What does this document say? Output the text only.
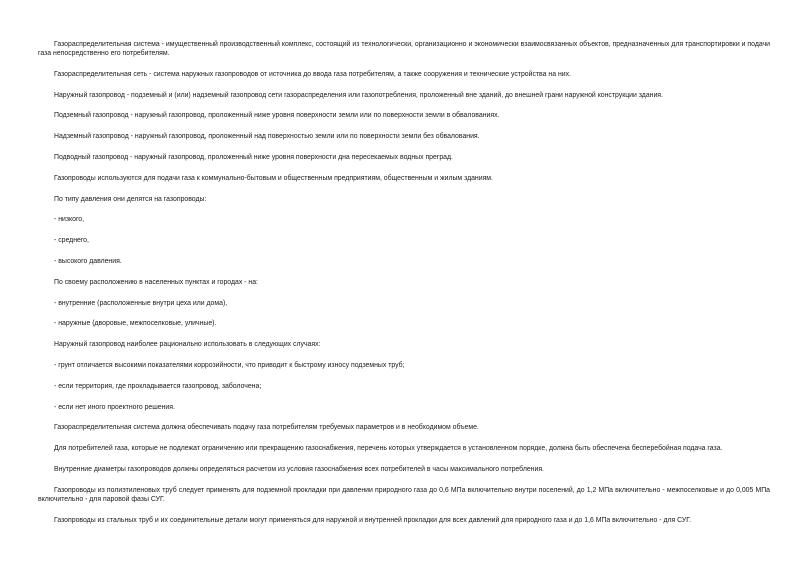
Газораспределительная система - имущественный производственный комплекс, состоящий из технологически, организационно и экономически взаимосвязанных объектов, предназначенных для транспортировки и подачи газа непосредственно его потребителям.

Газораспределительная сеть - система наружных газопроводов от источника до ввода газа потребителям, а также сооружения и технические устройства на них.

Наружный газопровод - подземный и (или) надземный газопровод сети газораспределения или газопотребления, проложенный вне зданий, до внешней грани наружной конструкции здания.

Подземный газопровод - наружный газопровод, проложенный ниже уровня поверхности земли или по поверхности земли в обвалованиях.

Надземный газопровод - наружный газопровод, проложенный над поверхностью земли или по поверхности земли без обвалования.

Подводный газопровод - наружный газопровод, проложенный ниже уровня поверхности дна пересекаемых водных преград.

Газопроводы используются для подачи газа к коммунально-бытовым и общественным предприятиям, общественным и жилым зданиям.

По типу давления они делятся на газопроводы:

- низкого,

- среднего,

- высокого давления.

По своему расположению в населенных пунктах и городах - на:

- внутренние (расположенные внутри цеха или дома),

- наружные (дворовые, межпоселковые, уличные).

Наружный газопровод наиболее рационально использовать в следующих случаях:

- грунт отличается высокими показателями коррозийности, что приводит к быстрому износу подземных труб;

- если территория, где прокладывается газопровод, заболочена;

- если нет иного проектного решения.

Газораспределительная система должна обеспечивать подачу газа потребителям требуемых параметров и в необходимом объеме.

Для потребителей газа, которые не подлежат ограничению или прекращению газоснабжения, перечень которых утверждается в установленном порядке, должна быть обеспечена бесперебойная подача газа.

Внутренние диаметры газопроводов должны определяться расчетом из условия газоснабжения всех потребителей в часы максимального потребления.

Газопроводы из полиэтиленовых труб следует применять для подземной прокладки при давлении природного газа до 0,6 МПа включительно внутри поселений, до 1,2 МПа включительно - межпоселковые и до 0,005 МПа включительно - для паровой фазы СУГ.

Газопроводы из стальных труб и их соединительные детали могут применяться для наружной и внутренней прокладки для всех давлений для природного газа и до 1,6 МПа включительно - для СУГ.
